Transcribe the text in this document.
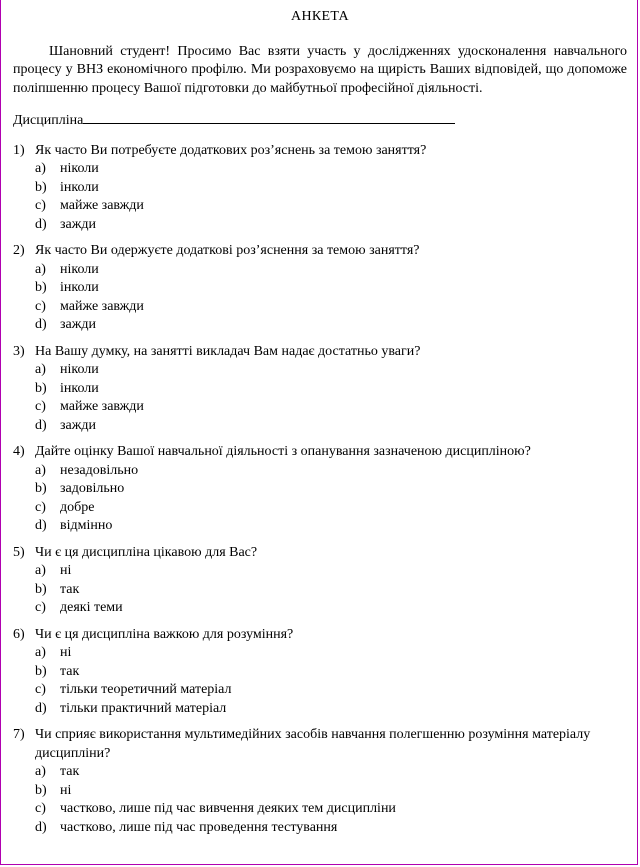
АНКЕТА

Шановний студент! Просимо Вас взяти участь у дослідженнях удосконалення навчального процесу у ВНЗ економічного профілю. Ми розраховуємо на щирість Ваших відповідей, що допоможе поліпшенню процесу Вашої підготовки до майбутньої професійної діяльності.

Дисципліна
1) Як часто Ви потребуєте додаткових роз’яснень за темою заняття?
a)	ніколи
b) інколи
c)	майже завжди
d) зажди
2) Як часто Ви одержуєте додаткові роз’яснення за темою заняття?
a)	ніколи
b) інколи
c)	майже завжди
d) зажди
3) На Вашу думку, на занятті викладач Вам надає достатньо уваги?
a)	ніколи
b) інколи
c)	майже завжди
d) зажди
4) Дайте оцінку Вашої навчальної діяльності з опанування зазначеною дисципліною?
a)	незадовільно
b) задовільно
c)	добре
d) відмінно
5) Чи є ця дисципліна цікавою для Вас?
a)	ні
b) так
c)	деякі теми
6) Чи є ця дисципліна важкою для розуміння?
a)	ні
b) так
c)	тільки теоретичний матеріал
d) тільки практичний матеріал
7) Чи сприяє використання мультимедійних засобів навчання полегшенню розуміння матеріалу дисципліни?
a)	так
b) ні
c)	частково, лише під час вивчення деяких тем дисципліни
d) частково, лише під час проведення тестування
